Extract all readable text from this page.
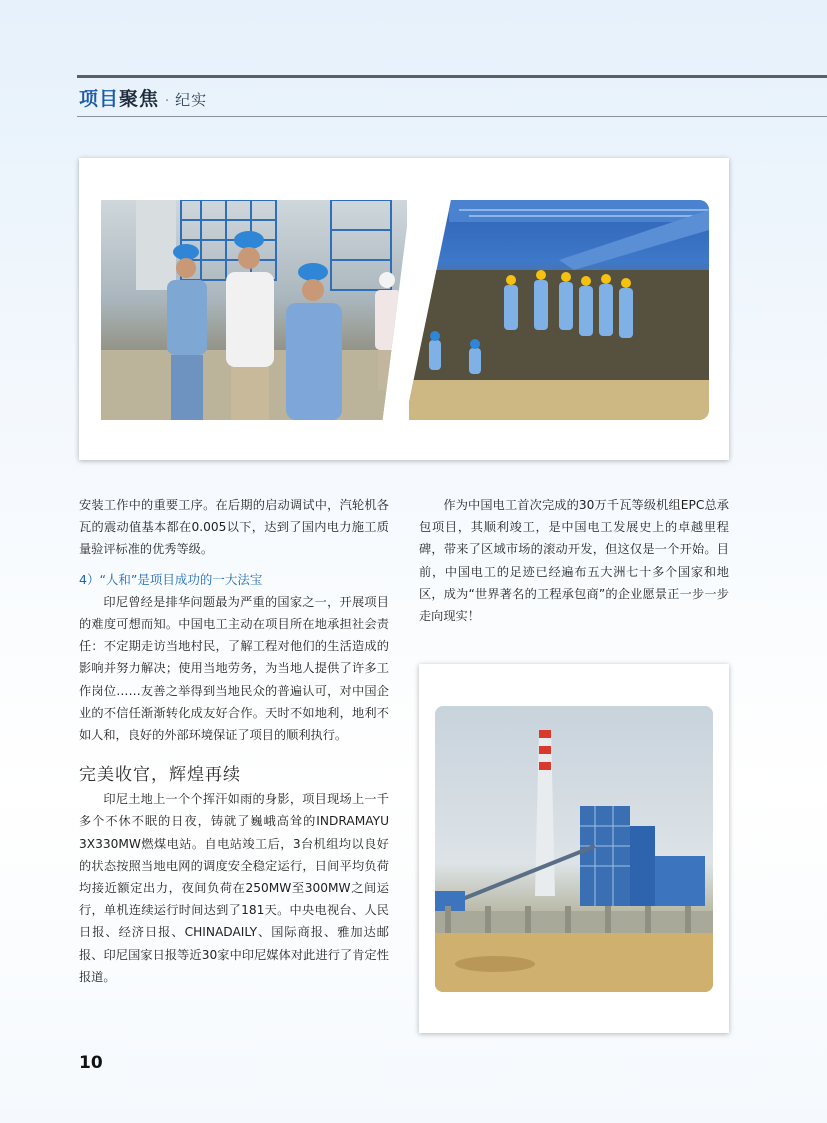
项目聚焦 · 纪实

安装工作中的重要工序。在后期的启动调试中，汽轮机各瓦的震动值基本都在0.005以下，达到了国内电力施工质量验评标准的优秀等级。

4）“人和”是项目成功的一大法宝

印尼曾经是排华问题最为严重的国家之一，开展项目的难度可想而知。中国电工主动在项目所在地承担社会责任：不定期走访当地村民，了解工程对他们的生活造成的影响并努力解决；使用当地劳务，为当地人提供了许多工作岗位……友善之举得到当地民众的普遍认可，对中国企业的不信任渐渐转化成友好合作。天时不如地利，地利不如人和，良好的外部环境保证了项目的顺利执行。

完美收官，辉煌再续

印尼土地上一个个挥汗如雨的身影，项目现场上一千多个不休不眠的日夜，铸就了巍峨高耸的INDRAMAYU 3X330MW燃煤电站。自电站竣工后，3台机组均以良好的状态按照当地电网的调度安全稳定运行，日间平均负荷均接近额定出力，夜间负荷在250MW至300MW之间运行，单机连续运行时间达到了181天。中央电视台、人民日报、经济日报、CHINADAILY、国际商报、雅加达邮报、印尼国家日报等近30家中印尼媒体对此进行了肯定性报道。

作为中国电工首次完成的30万千瓦等级机组EPC总承包项目，其顺利竣工，是中国电工发展史上的卓越里程碑，带来了区域市场的滚动开发，但这仅是一个开始。目前，中国电工的足迹已经遍布五大洲七十多个国家和地区，成为“世界著名的工程承包商”的企业愿景正一步一步走向现实！

10
